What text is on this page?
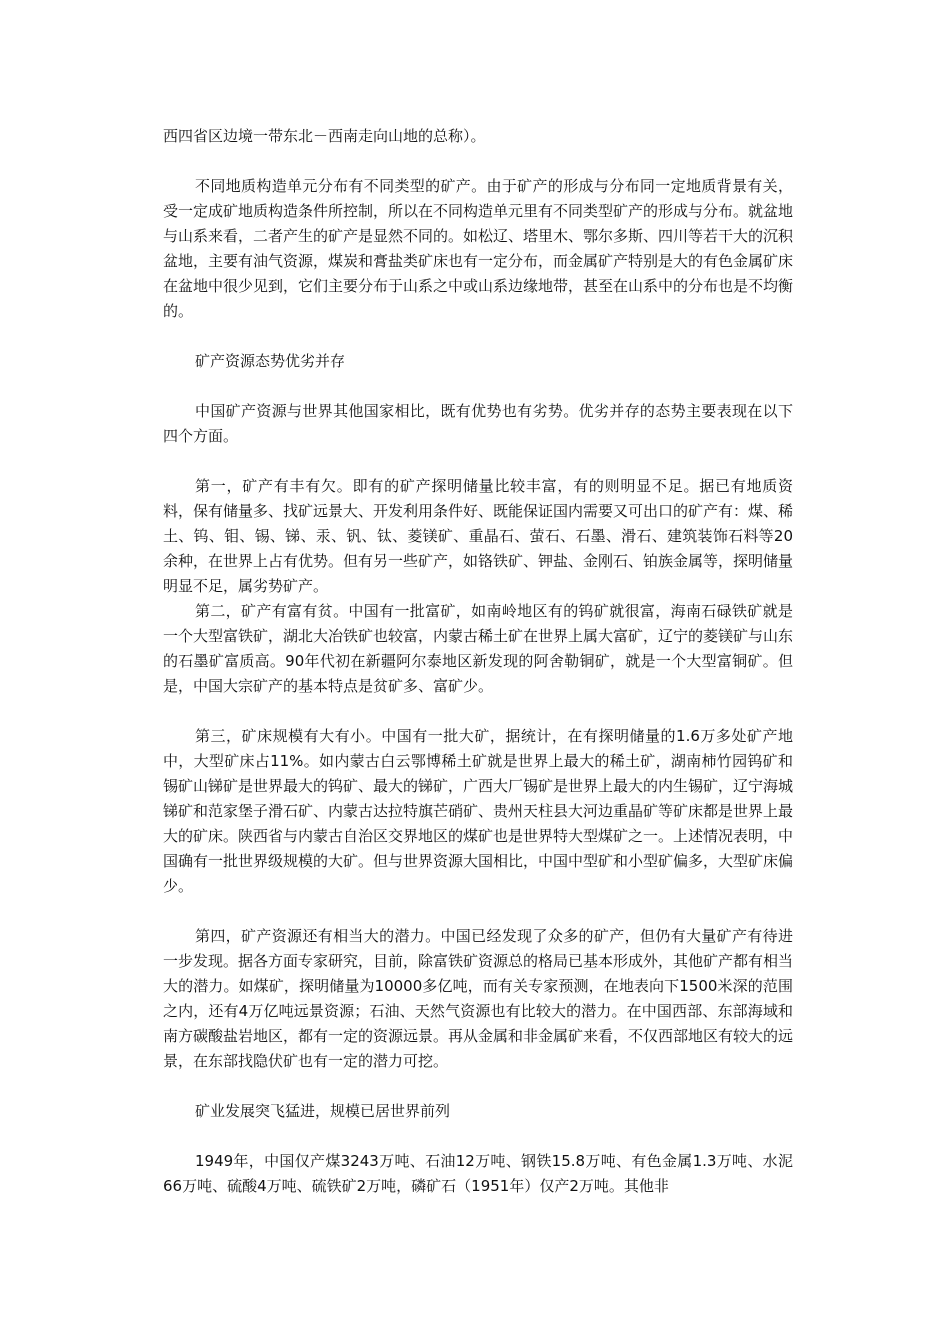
西四省区边境一带东北－西南走向山地的总称）。

不同地质构造单元分布有不同类型的矿产。由于矿产的形成与分布同一定地质背景有关，受一定成矿地质构造条件所控制，所以在不同构造单元里有不同类型矿产的形成与分布。就盆地与山系来看，二者产生的矿产是显然不同的。如松辽、塔里木、鄂尔多斯、四川等若干大的沉积盆地，主要有油气资源，煤炭和膏盐类矿床也有一定分布，而金属矿产特别是大的有色金属矿床在盆地中很少见到，它们主要分布于山系之中或山系边缘地带，甚至在山系中的分布也是不均衡的。

矿产资源态势优劣并存

中国矿产资源与世界其他国家相比，既有优势也有劣势。优劣并存的态势主要表现在以下四个方面。

第一，矿产有丰有欠。即有的矿产探明储量比较丰富，有的则明显不足。据已有地质资料，保有储量多、找矿远景大、开发利用条件好、既能保证国内需要又可出口的矿产有：煤、稀土、钨、钼、锡、锑、汞、钒、钛、菱镁矿、重晶石、萤石、石墨、滑石、建筑装饰石料等20余种，在世界上占有优势。但有另一些矿产，如铬铁矿、钾盐、金刚石、铂族金属等，探明储量明显不足，属劣势矿产。

第二，矿产有富有贫。中国有一批富矿，如南岭地区有的钨矿就很富，海南石碌铁矿就是一个大型富铁矿，湖北大冶铁矿也较富，内蒙古稀土矿在世界上属大富矿，辽宁的菱镁矿与山东的石墨矿富质高。90年代初在新疆阿尔泰地区新发现的阿舍勒铜矿，就是一个大型富铜矿。但是，中国大宗矿产的基本特点是贫矿多、富矿少。

第三，矿床规模有大有小。中国有一批大矿，据统计，在有探明储量的1.6万多处矿产地中，大型矿床占11%。如内蒙古白云鄂博稀土矿就是世界上最大的稀土矿，湖南柿竹园钨矿和锡矿山锑矿是世界最大的钨矿、最大的锑矿，广西大厂锡矿是世界上最大的内生锡矿，辽宁海城锑矿和范家堡子滑石矿、内蒙古达拉特旗芒硝矿、贵州天柱县大河边重晶矿等矿床都是世界上最大的矿床。陕西省与内蒙古自治区交界地区的煤矿也是世界特大型煤矿之一。上述情况表明，中国确有一批世界级规模的大矿。但与世界资源大国相比，中国中型矿和小型矿偏多，大型矿床偏少。

第四，矿产资源还有相当大的潜力。中国已经发现了众多的矿产，但仍有大量矿产有待进一步发现。据各方面专家研究，目前，除富铁矿资源总的格局已基本形成外，其他矿产都有相当大的潜力。如煤矿，探明储量为10000多亿吨，而有关专家预测，在地表向下1500米深的范围之内，还有4万亿吨远景资源；石油、天然气资源也有比较大的潜力。在中国西部、东部海域和南方碳酸盐岩地区，都有一定的资源远景。再从金属和非金属矿来看，不仅西部地区有较大的远景，在东部找隐伏矿也有一定的潜力可挖。

矿业发展突飞猛进，规模已居世界前列

1949年，中国仅产煤3243万吨、石油12万吨、钢铁15.8万吨、有色金属1.3万吨、水泥66万吨、硫酸4万吨、硫铁矿2万吨，磷矿石（1951年）仅产2万吨。其他非
